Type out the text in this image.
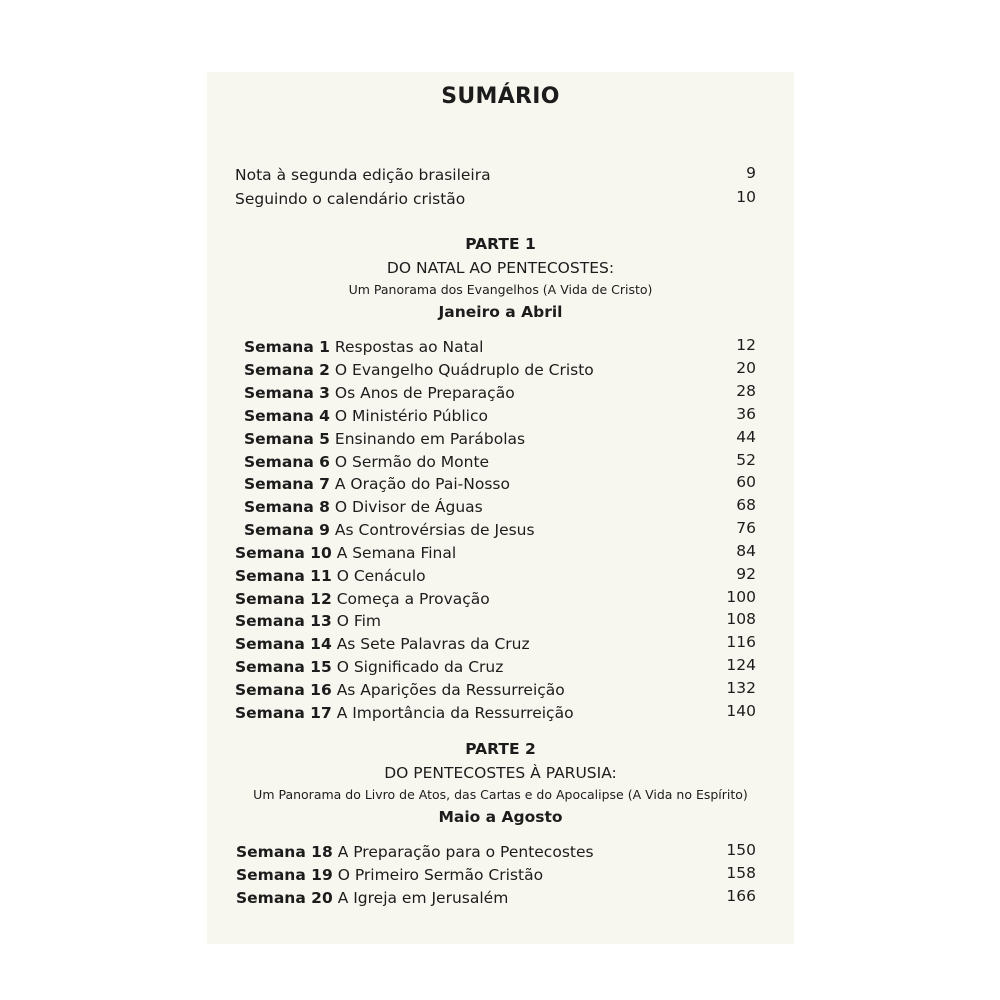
SUMÁRIO
Nota à segunda edição brasileira	9
Seguindo o calendário cristão	10
PARTE 1
DO NATAL AO PENTECOSTES:
Um Panorama dos Evangelhos (A Vida de Cristo)
Janeiro a Abril
Semana 1 Respostas ao Natal	12
Semana 2 O Evangelho Quádruplo de Cristo	20
Semana 3 Os Anos de Preparação	28
Semana 4 O Ministério Público	36
Semana 5 Ensinando em Parábolas	44
Semana 6 O Sermão do Monte	52
Semana 7 A Oração do Pai-Nosso	60
Semana 8 O Divisor de Águas	68
Semana 9 As Controvérsias de Jesus	76
Semana 10 A Semana Final	84
Semana 11 O Cenáculo	92
Semana 12 Começa a Provação	100
Semana 13 O Fim	108
Semana 14 As Sete Palavras da Cruz	116
Semana 15 O Significado da Cruz	124
Semana 16 As Aparições da Ressurreição	132
Semana 17 A Importância da Ressurreição	140
PARTE 2
DO PENTECOSTES À PARUSIA:
Um Panorama do Livro de Atos, das Cartas e do Apocalipse (A Vida no Espírito)
Maio a Agosto
Semana 18 A Preparação para o Pentecostes	150
Semana 19 O Primeiro Sermão Cristão	158
Semana 20 A Igreja em Jerusalém	166
